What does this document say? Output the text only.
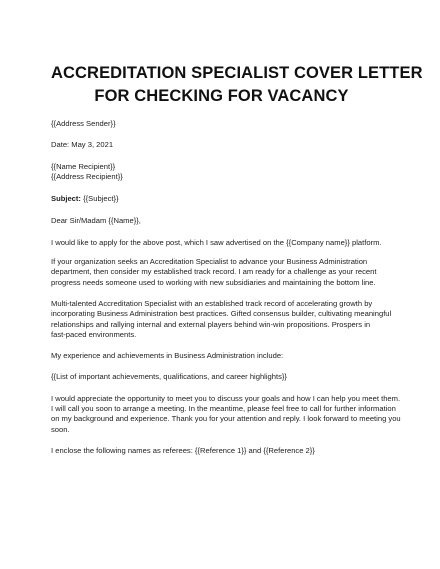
ACCREDITATION SPECIALIST COVER LETTER
FOR CHECKING FOR VACANCY
{{Address Sender}}
Date: May 3, 2021
{{Name Recipient}}
{{Address Recipient}}
Subject: {{Subject}}
Dear Sir/Madam {{Name}},
I would like to apply for the above post, which I saw advertised on the {{Company name}} platform.
If your organization seeks an Accreditation Specialist to advance your Business Administration
department, then consider my established track record. I am ready for a challenge as your recent
progress needs someone used to working with new subsidiaries and maintaining the bottom line.
Multi-talented Accreditation Specialist with an established track record of accelerating growth by
incorporating Business Administration best practices. Gifted consensus builder, cultivating meaningful
relationships and rallying internal and external players behind win-win propositions. Prospers in
fast-paced environments.
My experience and achievements in Business Administration include:
{{List of important achievements, qualifications, and career highlights}}
I would appreciate the opportunity to meet you to discuss your goals and how I can help you meet them.
I will call you soon to arrange a meeting. In the meantime, please feel free to call for further information
on my background and experience. Thank you for your attention and reply. I look forward to meeting you
soon.
I enclose the following names as referees: {{Reference 1}} and {{Reference 2}}
